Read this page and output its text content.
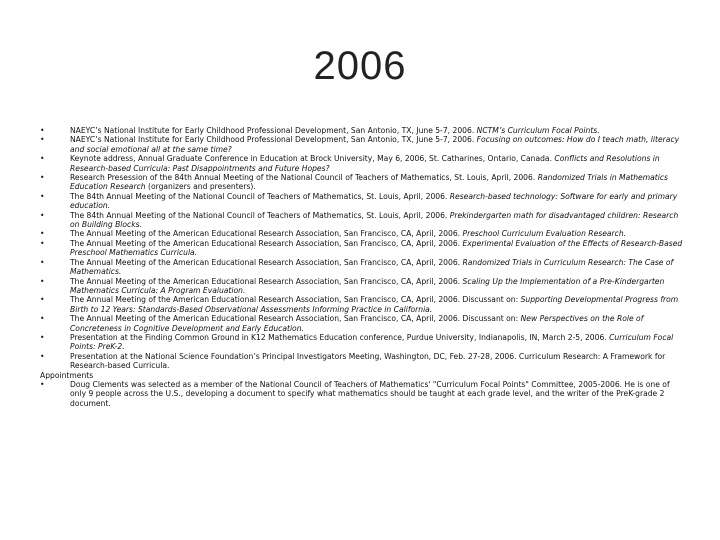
2006
•	NAEYC’s National Institute for Early Childhood Professional Development, San Antonio, TX, June 5-7, 2006. NCTM’s Curriculum Focal Points.
•	NAEYC’s National Institute for Early Childhood Professional Development, San Antonio, TX, June 5-7, 2006. Focusing on outcomes: How do I teach math, literacy and social emotional all at the same time?
•	Keynote address, Annual Graduate Conference in Education at Brock University, May 6, 2006, St. Catharines, Ontario, Canada. Conflicts and Resolutions in Research-based Curricula: Past Disappointments and Future Hopes?
•	Research Presession of the 84th Annual Meeting of the National Council of Teachers of Mathematics, St. Louis, April, 2006. Randomized Trials in Mathematics Education Research (organizers and presenters).
•	The 84th Annual Meeting of the National Council of Teachers of Mathematics, St. Louis, April, 2006. Research-based technology: Software for early and primary education.
•	The 84th Annual Meeting of the National Council of Teachers of Mathematics, St. Louis, April, 2006. Prekindergarten math for disadvantaged children: Research on Building Blocks.
•	The Annual Meeting of the American Educational Research Association, San Francisco, CA, April, 2006. Preschool Curriculum Evaluation Research.
•	The Annual Meeting of the American Educational Research Association, San Francisco, CA, April, 2006. Experimental Evaluation of the Effects of Research-Based Preschool Mathematics Curricula.
•	The Annual Meeting of the American Educational Research Association, San Francisco, CA, April, 2006. Randomized Trials in Curriculum Research: The Case of Mathematics.
•	The Annual Meeting of the American Educational Research Association, San Francisco, CA, April, 2006. Scaling Up the Implementation of a Pre-Kindergarten Mathematics Curricula: A Program Evaluation.
•	The Annual Meeting of the American Educational Research Association, San Francisco, CA, April, 2006. Discussant on: Supporting Developmental Progress from Birth to 12 Years: Standards-Based Observational Assessments Informing Practice in California.
•	The Annual Meeting of the American Educational Research Association, San Francisco, CA, April, 2006. Discussant on: New Perspectives on the Role of Concreteness in Cognitive Development and Early Education.
•	Presentation at the Finding Common Ground in K12 Mathematics Education conference, Purdue University, Indianapolis, IN, March 2-5, 2006. Curriculum Focal Points: PreK-2.
•	Presentation at the National Science Foundation’s Principal Investigators Meeting, Washington, DC, Feb. 27-28, 2006. Curriculum Research: A Framework for Research-based Curricula.
Appointments
•	Doug Clements was selected as a member of the National Council of Teachers of Mathematics' "Curriculum Focal Points" Committee, 2005-2006. He is one of only 9 people across the U.S., developing a document to specify what mathematics should be taught at each grade level, and the writer of the PreK-grade 2 document.
